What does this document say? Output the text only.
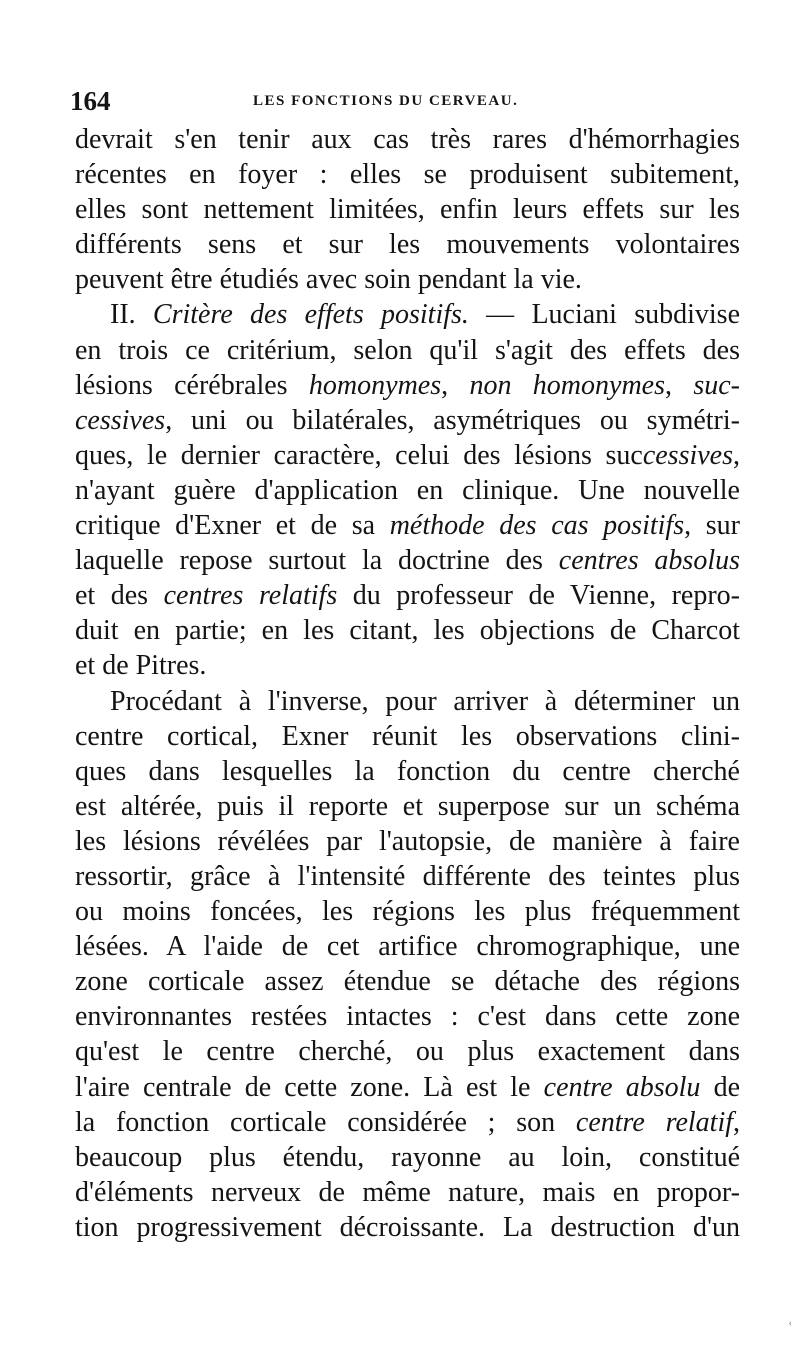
164	LES FONCTIONS DU CERVEAU.
devrait s'en tenir aux cas très rares d'hémorrhagies
récentes en foyer : elles se produisent subitement,
elles sont nettement limitées, enfin leurs effets sur les
différents sens et sur les mouvements volontaires
peuvent être étudiés avec soin pendant la vie.
II. Critère des effets positifs. — Luciani subdivise
en trois ce critérium, selon qu'il s'agit des effets des
lésions cérébrales homonymes, non homonymes, suc-
cessives, uni ou bilatérales, asymétriques ou symétri-
ques, le dernier caractère, celui des lésions successives,
n'ayant guère d'application en clinique. Une nouvelle
critique d'Exner et de sa méthode des cas positifs, sur
laquelle repose surtout la doctrine des centres absolus
et des centres relatifs du professeur de Vienne, repro-
duit en partie; en les citant, les objections de Charcot
et de Pitres.
Procédant à l'inverse, pour arriver à déterminer un
centre cortical, Exner réunit les observations clini-
ques dans lesquelles la fonction du centre cherché
est altérée, puis il reporte et superpose sur un schéma
les lésions révélées par l'autopsie, de manière à faire
ressortir, grâce à l'intensité différente des teintes plus
ou moins foncées, les régions les plus fréquemment
lésées. A l'aide de cet artifice chromographique, une
zone corticale assez étendue se détache des régions
environnantes restées intactes : c'est dans cette zone
qu'est le centre cherché, ou plus exactement dans
l'aire centrale de cette zone. Là est le centre absolu de
la fonction corticale considérée ; son centre relatif,
beaucoup plus étendu, rayonne au loin, constitué
d'éléments nerveux de même nature, mais en propor-
tion progressivement décroissante. La destruction d'un
‹
